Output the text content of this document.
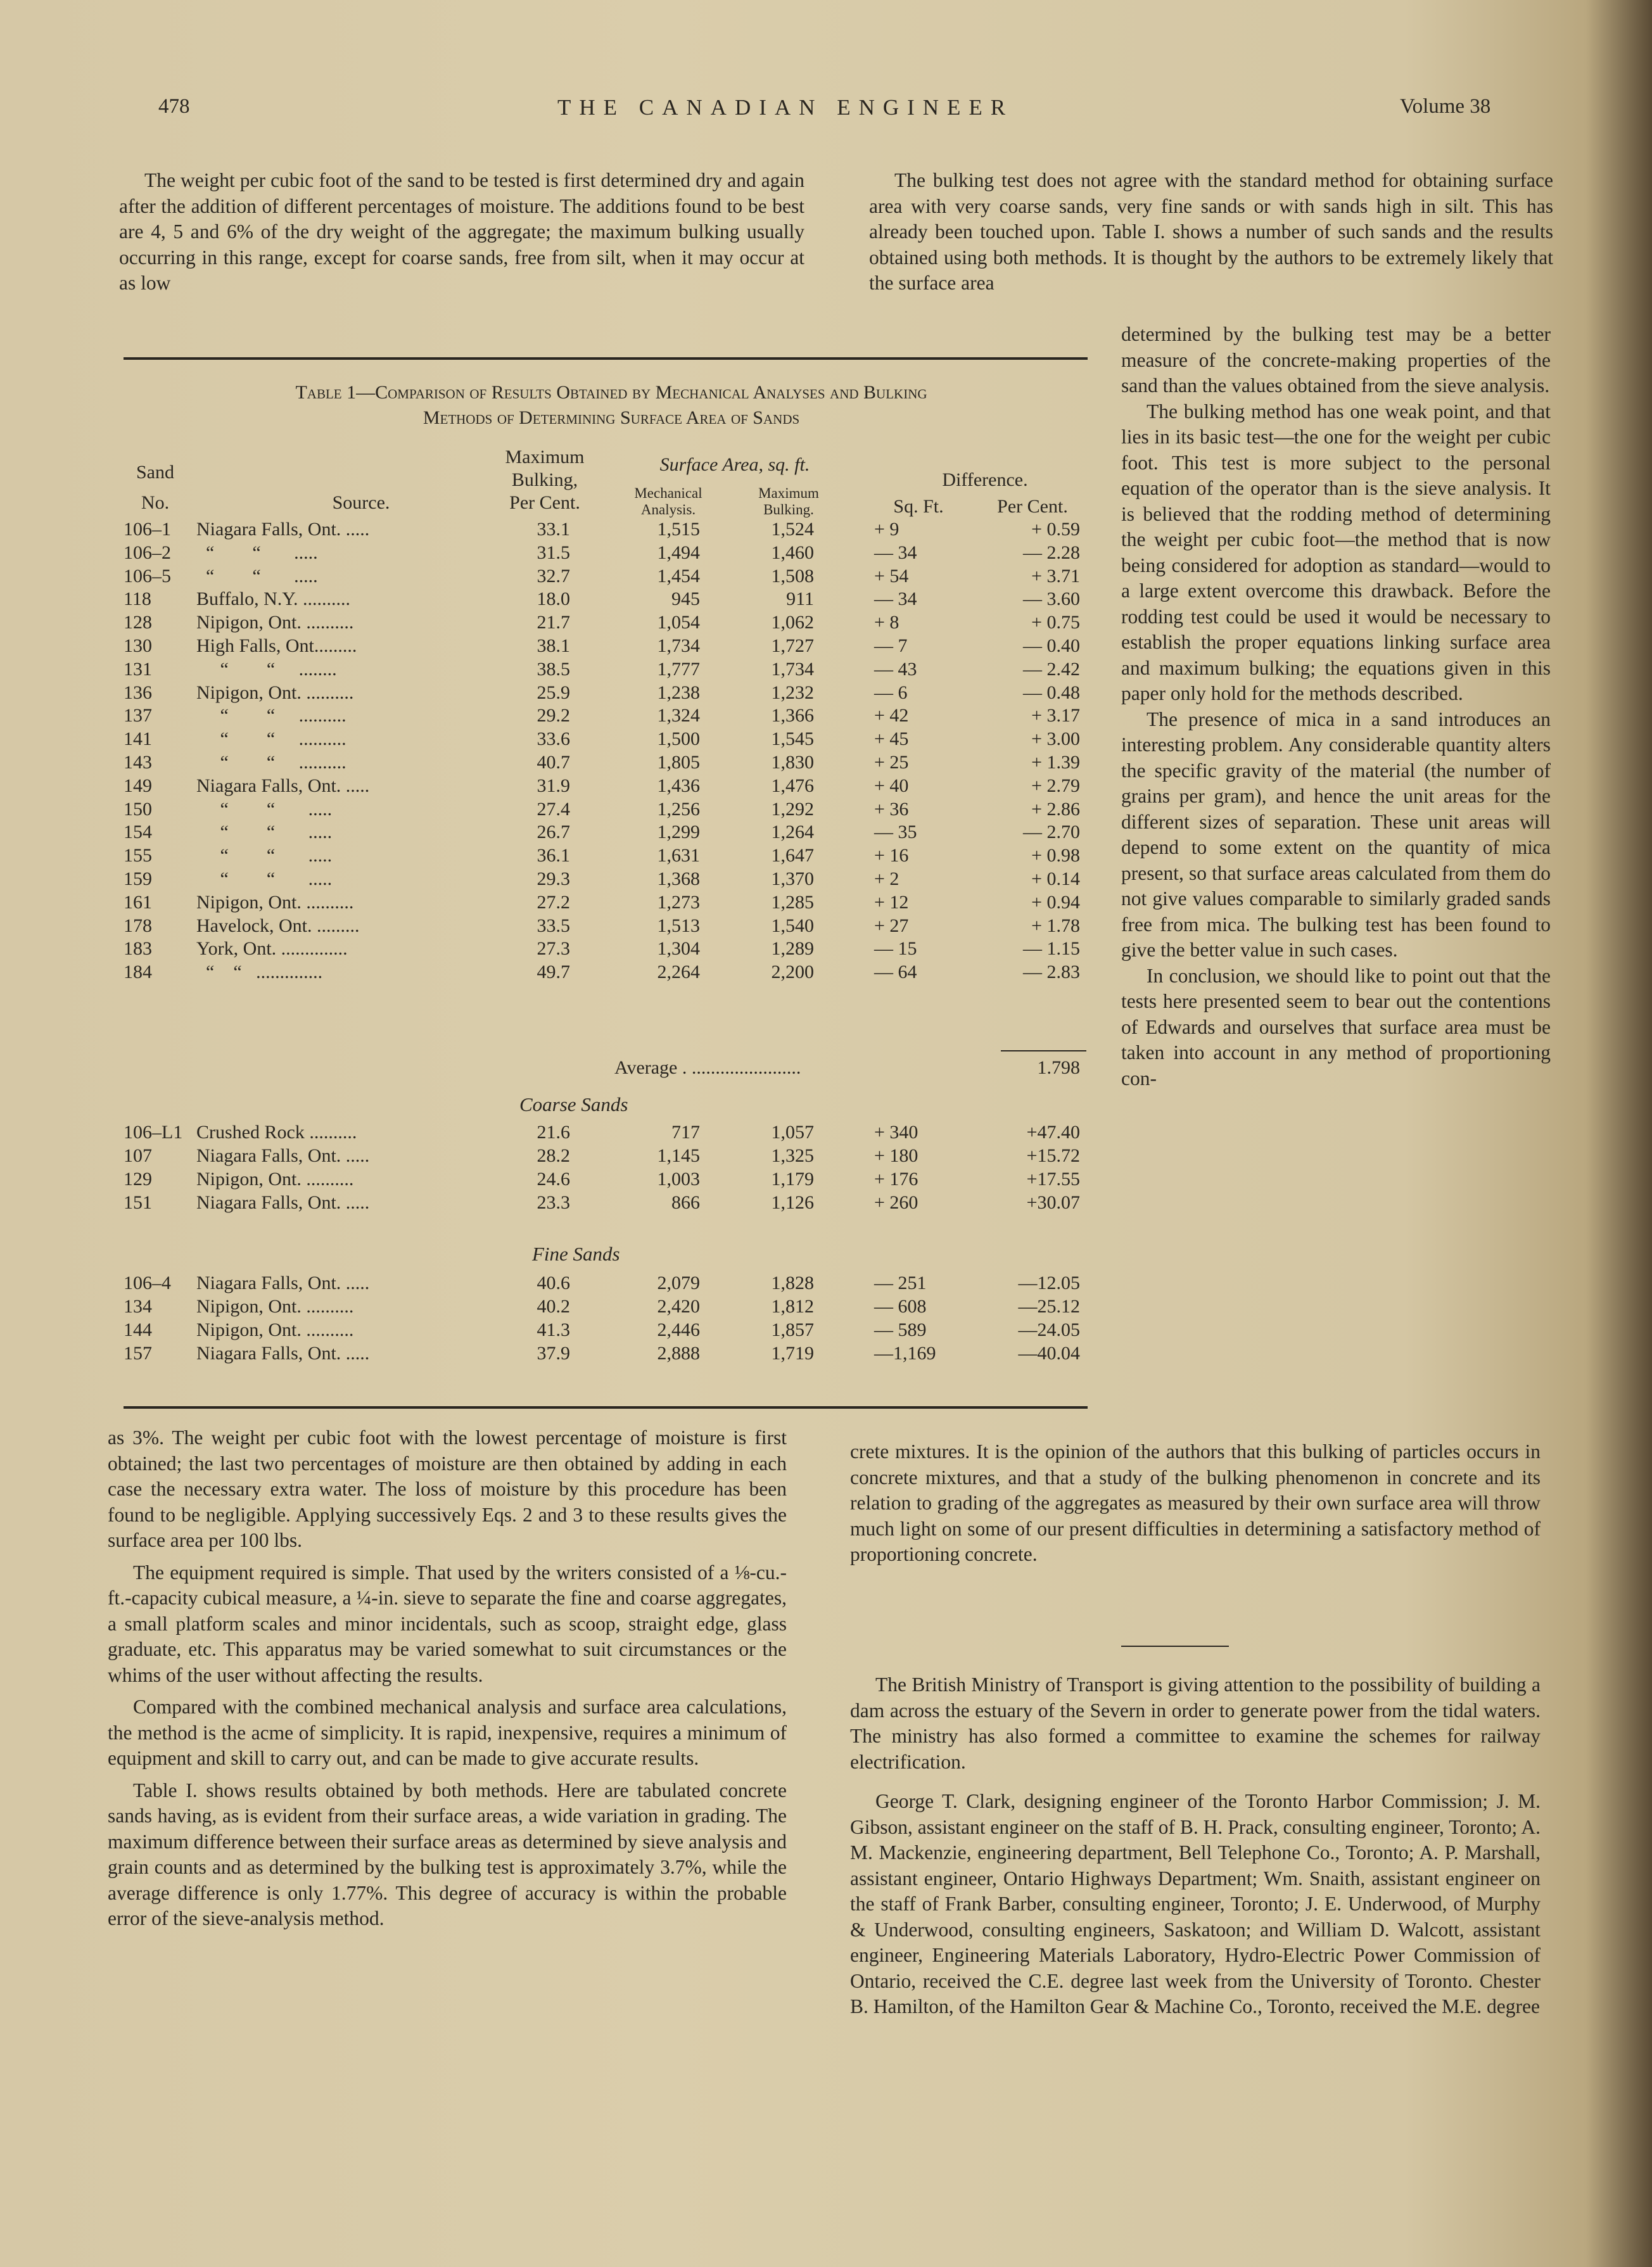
478	THE CANADIAN ENGINEER	Volume 38
The weight per cubic foot of the sand to be tested is first determined dry and again after the addition of different percentages of moisture. The additions found to be best are 4, 5 and 6% of the dry weight of the aggregate; the maximum bulking usually occurring in this range, except for coarse sands, free from silt, when it may occur at as low
The bulking test does not agree with the standard method for obtaining surface area with very coarse sands, very fine sands or with sands high in silt. This has already been touched upon. Table I. shows a number of such sands and the results obtained using both methods. It is thought by the authors to be extremely likely that the surface area
Table 1—Comparison of Results Obtained by Mechanical Analyses and Bulking
Methods of Determining Surface Area of Sands
Sand
No.	Source.
Maximum
Bulking,
Per Cent.
Surface Area, sq. ft.
Mechanical
Analysis.
Maximum
Bulking.
Difference.
Sq. Ft.	Per Cent.
106–1	Niagara Falls, Ont. .....	33.1	1,515	1,524	+ 9	+ 0.59
106–2	“        “       .....	31.5	1,494	1,460	— 34	— 2.28
106–5	“        “       .....	32.7	1,454	1,508	+ 54	+ 3.71
118	Buffalo, N.Y. ..........	18.0	945	911	— 34	— 3.60
128	Nipigon, Ont. ..........	21.7	1,054	1,062	+ 8	+ 0.75
130	High Falls, Ont.........	38.1	1,734	1,727	— 7	— 0.40
131	“        “     ........	38.5	1,777	1,734	— 43	— 2.42
136	Nipigon, Ont. ..........	25.9	1,238	1,232	— 6	— 0.48
137	“        “     ..........	29.2	1,324	1,366	+ 42	+ 3.17
141	“        “     ..........	33.6	1,500	1,545	+ 45	+ 3.00
143	“        “     ..........	40.7	1,805	1,830	+ 25	+ 1.39
149	Niagara Falls, Ont. .....	31.9	1,436	1,476	+ 40	+ 2.79
150	“        “       .....	27.4	1,256	1,292	+ 36	+ 2.86
154	“        “       .....	26.7	1,299	1,264	— 35	— 2.70
155	“        “       .....	36.1	1,631	1,647	+ 16	+ 0.98
159	“        “       .....	29.3	1,368	1,370	+ 2	+ 0.14
161	Nipigon, Ont. ..........	27.2	1,273	1,285	+ 12	+ 0.94
178	Havelock, Ont. .........	33.5	1,513	1,540	+ 27	+ 1.78
183	York, Ont. ..............	27.3	1,304	1,289	— 15	— 1.15
184	“    “   ..............	49.7	2,264	2,200	— 64	— 2.83
Average . .......................	1.798
Coarse Sands
106–L1 Crushed Rock ..........	21.6	717	1,057	+ 340	+47.40
107	Niagara Falls, Ont. .....	28.2	1,145	1,325	+ 180	+15.72
129	Nipigon, Ont. ..........	24.6	1,003	1,179	+ 176	+17.55
151	Niagara Falls, Ont. .....	23.3	866	1,126	+ 260	+30.07
Fine Sands
106–4	Niagara Falls, Ont. .....	40.6	2,079	1,828	— 251	—12.05
134	Nipigon, Ont. ..........	40.2	2,420	1,812	— 608	—25.12
144	Nipigon, Ont. ..........	41.3	2,446	1,857	— 589	—24.05
157	Niagara Falls, Ont. .....	37.9	2,888	1,719	—1,169	—40.04

determined by the bulking test may be a better measure of the concrete-making properties of the sand than the values obtained from the sieve analysis.

The bulking method has one weak point, and that lies in its basic test—the one for the weight per cubic foot. This test is more subject to the personal equation of the operator than is the sieve analysis. It is believed that the rodding method of determining the weight per cubic foot—the method that is now being considered for adoption as standard—would to a large extent overcome this drawback. Before the rodding test could be used it would be necessary to establish the proper equations linking surface area and maximum bulking; the equations given in this paper only hold for the methods described.

The presence of mica in a sand introduces an interesting problem. Any considerable quantity alters the specific gravity of the material (the number of grains per gram), and hence the unit areas for the different sizes of separation. These unit areas will depend to some extent on the quantity of mica present, so that surface areas calculated from them do not give values comparable to similarly graded sands free from mica. The bulking test has been found to give the better value in such cases.

In conclusion, we should like to point out that the tests here presented seem to bear out the contentions of Edwards and ourselves that surface area must be taken into account in any method of proportioning con-

as 3%. The weight per cubic foot with the lowest percentage of moisture is first obtained; the last two percentages of moisture are then obtained by adding in each case the necessary extra water. The loss of moisture by this procedure has been found to be negligible. Applying successively Eqs. 2 and 3 to these results gives the surface area per 100 lbs.

The equipment required is simple. That used by the writers consisted of a ⅛-cu.-ft.-capacity cubical measure, a ¼-in. sieve to separate the fine and coarse aggregates, a small platform scales and minor incidentals, such as scoop, straight edge, glass graduate, etc. This apparatus may be varied somewhat to suit circumstances or the whims of the user without affecting the results.

Compared with the combined mechanical analysis and surface area calculations, the method is the acme of simplicity. It is rapid, inexpensive, requires a minimum of equipment and skill to carry out, and can be made to give accurate results.

Table I. shows results obtained by both methods. Here are tabulated concrete sands having, as is evident from their surface areas, a wide variation in grading. The maximum difference between their surface areas as determined by sieve analysis and grain counts and as determined by the bulking test is approximately 3.7%, while the average difference is only 1.77%. This degree of accuracy is within the probable error of the sieve-analysis method.

crete mixtures. It is the opinion of the authors that this bulking of particles occurs in concrete mixtures, and that a study of the bulking phenomenon in concrete and its relation to grading of the aggregates as measured by their own surface area will throw much light on some of our present difficulties in determining a satisfactory method of proportioning concrete.

The British Ministry of Transport is giving attention to the possibility of building a dam across the estuary of the Severn in order to generate power from the tidal waters. The ministry has also formed a committee to examine the schemes for railway electrification.

George T. Clark, designing engineer of the Toronto Harbor Commission; J. M. Gibson, assistant engineer on the staff of B. H. Prack, consulting engineer, Toronto; A. M. Mackenzie, engineering department, Bell Telephone Co., Toronto; A. P. Marshall, assistant engineer, Ontario Highways Department; Wm. Snaith, assistant engineer on the staff of Frank Barber, consulting engineer, Toronto; J. E. Underwood, of Murphy & Underwood, consulting engineers, Saskatoon; and William D. Walcott, assistant engineer, Engineering Materials Laboratory, Hydro-Electric Power Commission of Ontario, received the C.E. degree last week from the University of Toronto. Chester B. Hamilton, of the Hamilton Gear & Machine Co., Toronto, received the M.E. degree
